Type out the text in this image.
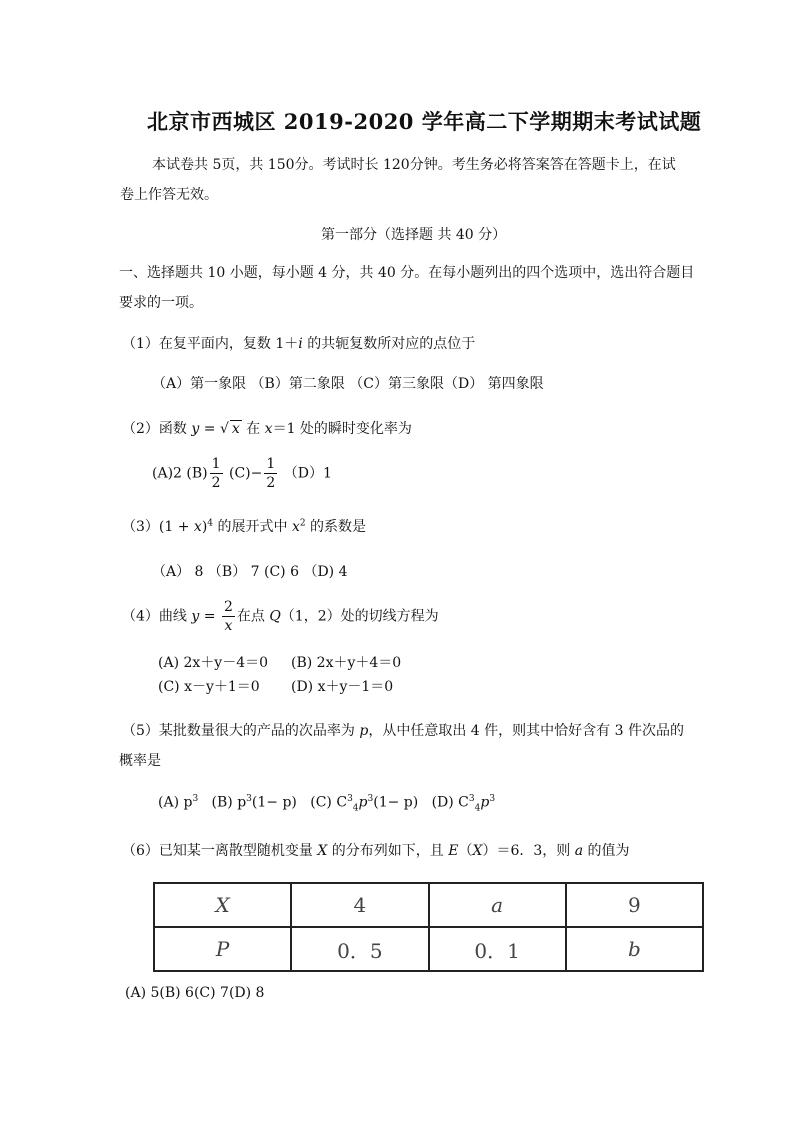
北京市西城区 2019-2020 学年高二下学期期末考试试题
本试卷共 5页，共 150分。考试时长 120分钟。考生务必将答案答在答题卡上，在试
卷上作答无效。
第一部分（选择题 共 40 分）
一、选择题共 10 小题，每小题 4 分，共 40 分。在每小题列出的四个选项中，选出符合题目
要求的一项。
（1）在复平面内，复数 1＋i 的共轭复数所对应的点位于
（A）第一象限 （B）第二象限 （C）第三象限（D） 第四象限
（2）函数 y = √ x 在 x＝1 处的瞬时变化率为
(A)2 $(B) \frac{1}{2} (C)- \frac{1}{2} (D)1$
$(3)(1 + x)^4$ 的展开式中 $x^2$ 的系数是
（A） 8 （B） 7 (C) 6 （D) 4
（4）曲线 $y = \frac{2}{x}$ 在点 Q（1，2）处的切线方程为
(A) 2x＋y－4＝0 (B) 2x＋y＋4＝0
(C) x－y＋1＝0 (D) x＋y－1＝0
（5）某批数量很大的产品的次品率为 p，从中任意取出 4 件，则其中恰好含有 3 件次品的
概率是
(A) $p^3$ (B) $p^3(1- p)$ (C) $C^3_4p^3(1- p)$ (D) $C^3_4p^3$
（6）已知某一离散型随机变量 X 的分布列如下，且 E（X）＝6．3，则 a 的值为
X	4	a	9
P	0．5	0．1	b
(A) 5(B) 6(C) 7(D) 8
